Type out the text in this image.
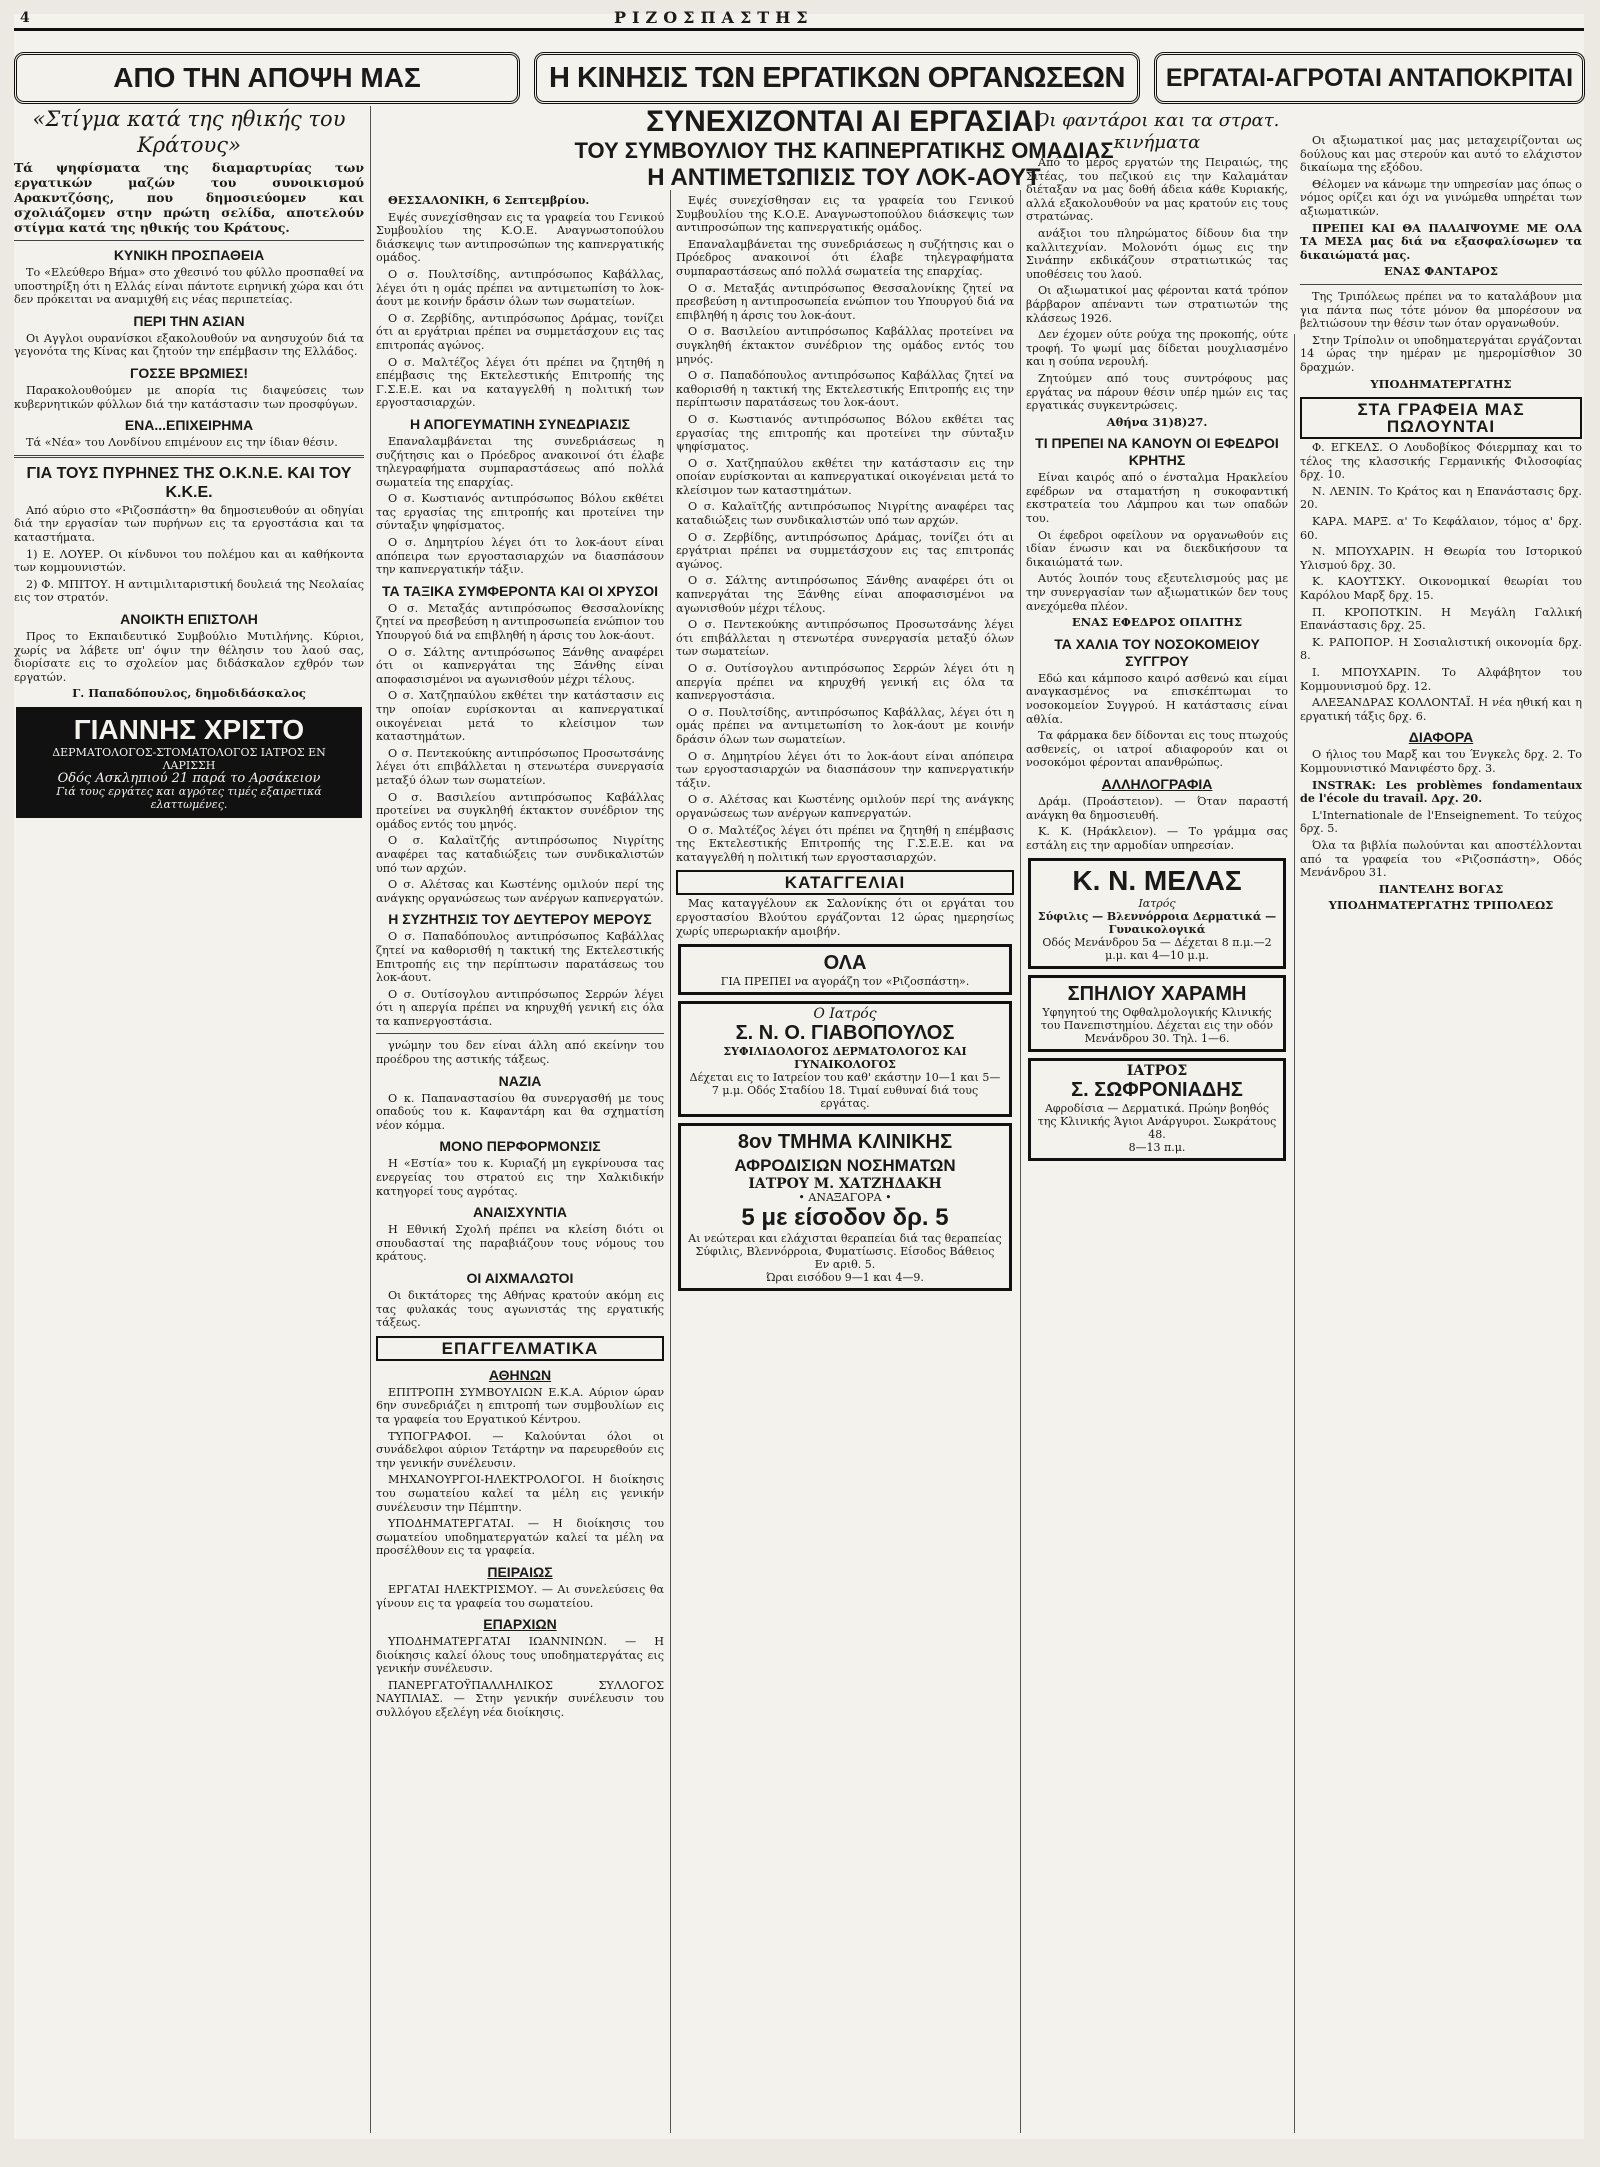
4	ΡΙΖΟΣΠΑΣΤΗΣ
ΑΠΟ ΤΗΝ ΑΠΟΨΗ ΜΑΣ	Η ΚΙΝΗΣΙΣ ΤΩΝ ΕΡΓΑΤΙΚΩΝ ΟΡΓΑΝΩΣΕΩΝ ΕΡΓΑΤΑΙ-ΑΓΡΟΤΑΙ ΑΝΤΑΠΟΚΡΙΤΑΙ
«Στίγμα κατά της ηθικής του Κράτους»
Τά ψηφίσματα της διαμαρτυρίας των εργατικών μαζών του συνοικισμού Αρακντζόσης, που δημοσιεύομεν και σχολιάζομεν στην πρώτη σελίδα, αποτελούν στίγμα κατά της ηθικής του Κράτους.
ΚΥΝΙΚΗ ΠΡΟΣΠΑΘΕΙΑ

Το «Ελεύθερο Βήμα» στο χθεσινό του φύλλο προσπαθεί να υποστηρίξη ότι η Ελλάς είναι πάντοτε ειρηνική χώρα και ότι δεν πρόκειται να αναμιχθή εις νέας περιπετείας.

ΠΕΡΙ ΤΗΝ ΑΣΙΑΝ

Οι Αγγλοι ουρανίσκοι εξακολουθούν να ανησυχούν διά τα γεγονότα της Κίνας και ζητούν την επέμβασιν της Ελλάδος.

ΓΟΣΣΕ ΒΡΩΜΙΕΣ!

Παρακολουθούμεν με απορία τις διαψεύσεις των κυβερνητικών φύλλων διά την κατάστασιν των προσφύγων.

ΕΝΑ...ΕΠΙΧΕΙΡΗΜΑ

Τά «Νέα» του Λονδίνου επιμένουν εις την ίδιαν θέσιν.

ΓΙΑ ΤΟΥΣ ΠΥΡΗΝΕΣ ΤΗΣ Ο.Κ.Ν.Ε. ΚΑΙ ΤΟΥ Κ.Κ.Ε.

Από αύριο στο «Ριζοσπάστη» θα δημοσιευθούν αι οδηγίαι διά την εργασίαν των πυρήνων εις τα εργοστάσια και τα καταστήματα.

1) Ε. ΛΟΥΕΡ. Οι κίνδυνοι του πολέμου και αι καθήκοντα των κομμουνιστών.

2) Φ. ΜΠΙΤΟΥ. Η αντιμιλιταριστική δουλειά της Νεολαίας εις τον στρατόν.

ΑΝΟΙΚΤΗ ΕΠΙΣΤΟΛΗ

Προς το Εκπαιδευτικό Συμβούλιο Μυτιλήνης. Κύριοι, χωρίς να λάβετε υπ' όψιν την θέλησιν του λαού σας, διορίσατε εις το σχολείον μας διδάσκαλον εχθρόν των εργατών.

Γ. Παπαδόπουλος, δημοδιδάσκαλος
ΓΙΑΝΝΗΣ ΧΡΙΣΤΟ
ΔΕΡΜΑΤΟΛΟΓΟΣ-ΣΤΟΜΑΤΟΛΟΓΟΣ ΙΑΤΡΟΣ ΕΝ ΛΑΡΙΣΣΗ
Οδός Ασκληπιού 21 παρά το Αρσάκειον
Γιά τους εργάτες και αγρότες τιμές εξαιρετικά ελαττωμένες.
ΣΥΝΕΧΙΖΟΝΤΑΙ ΑΙ ΕΡΓΑΣΙΑΙ
ΤΟΥ ΣΥΜΒΟΥΛΙΟΥ ΤΗΣ ΚΑΠΝΕΡΓΑΤΙΚΗΣ ΟΜΑΔΙΑΣ
Η ΑΝΤΙΜΕΤΩΠΙΣΙΣ ΤΟΥ ΛΟΚ-ΑΟΥΤ

ΘΕΣΣΑΛΟΝΙΚΗ, 6 Σεπτεμβρίου.

Εψές συνεχίσθησαν εις τα γραφεία του Γενικού Συμβουλίου της Κ.Ο.Ε. Αναγνωστοπούλου διάσκεψις των αντιπροσώπων της καπνεργατικής ομάδος.

Ο σ. Πουλτσίδης, αντιπρόσωπος Καβάλλας, λέγει ότι η ομάς πρέπει να αντιμετωπίση το λοκ-άουτ με κοινήν δράσιν όλων των σωματείων.

Ο σ. Ζερβίδης, αντιπρόσωπος Δράμας, τονίζει ότι αι εργάτριαι πρέπει να συμμετάσχουν εις τας επιτροπάς αγώνος.

Ο σ. Μαλτέζος λέγει ότι πρέπει να ζητηθή η επέμβασις της Εκτελεστικής Επιτροπής της Γ.Σ.Ε.Ε. και να καταγγελθή η πολιτική των εργοστασιαρχών.

Η ΑΠΟΓΕΥΜΑΤΙΝΗ ΣΥΝΕΔΡΙΑΣΙΣ

Επαναλαμβάνεται της συνεδριάσεως η συζήτησις και ο Πρόεδρος ανακοινοί ότι έλαβε τηλεγραφήματα συμπαραστάσεως από πολλά σωματεία της επαρχίας.

Ο σ. Κωστιανός αντιπρόσωπος Βόλου εκθέτει τας εργασίας της επιτροπής και προτείνει την σύνταξιν ψηφίσματος.

Ο σ. Δημητρίου λέγει ότι το λοκ-άουτ είναι απόπειρα των εργοστασιαρχών να διασπάσουν την καπνεργατικήν τάξιν.

ΤΑ ΤΑΞΙΚΑ ΣΥΜΦΕΡΟΝΤΑ ΚΑΙ ΟΙ ΧΡΥΣΟΙ

Ο σ. Μεταξάς αντιπρόσωπος Θεσσαλονίκης ζητεί να πρεσβεύση η αντιπροσωπεία ενώπιον του Υπουργού διά να επιβληθή η άρσις του λοκ-άουτ.

Ο σ. Σάλτης αντιπρόσωπος Ξάνθης αναφέρει ότι οι καπνεργάται της Ξάνθης είναι αποφασισμένοι να αγωνισθούν μέχρι τέλους.

Ο σ. Χατζηπαύλου εκθέτει την κατάστασιν εις την οποίαν ευρίσκονται αι καπνεργατικαί οικογένειαι μετά το κλείσιμον των καταστημάτων.

Ο σ. Πεντεκούκης αντιπρόσωπος Προσωτσάνης λέγει ότι επιβάλλεται η στενωτέρα συνεργασία μεταξύ όλων των σωματείων.

Ο σ. Βασιλείου αντιπρόσωπος Καβάλλας προτείνει να συγκληθή έκτακτον συνέδριον της ομάδος εντός του μηνός.

Ο σ. Καλαϊτζής αντιπρόσωπος Νιγρίτης αναφέρει τας καταδιώξεις των συνδικαλιστών υπό των αρχών.

Ο σ. Αλέτσας και Κωστένης ομιλούν περί της ανάγκης οργανώσεως των ανέργων καπνεργατών.

Η ΣΥΖΗΤΗΣΙΣ ΤΟΥ ΔΕΥΤΕΡΟΥ ΜΕΡΟΥΣ

Ο σ. Παπαδόπουλος αντιπρόσωπος Καβάλλας ζητεί να καθορισθή η τακτική της Εκτελεστικής Επιτροπής εις την περίπτωσιν παρατάσεως του λοκ-άουτ.

Ο σ. Ουτίσογλου αντιπρόσωπος Σερρών λέγει ότι η απεργία πρέπει να κηρυχθή γενική εις όλα τα καπνεργοστάσια.

γνώμην του δεν είναι άλλη από εκείνην του προέδρου της αστικής τάξεως.

ΝΑΖΙΑ

Ο κ. Παπαναστασίου θα συνεργασθή με τους οπαδούς του κ. Καφαντάρη και θα σχηματίση νέον κόμμα.

ΜΟΝΟ ΠΕΡΦΟΡΜΟΝΣΙΣ

Η «Εστία» του κ. Κυριαζή μη εγκρίνουσα τας ενεργείας του στρατού εις την Χαλκιδικήν κατηγορεί τους αγρότας.

ΑΝΑΙΣΧΥΝΤΙΑ

Η Εθνική Σχολή πρέπει να κλείση διότι οι σπουδασταί της παραβιάζουν τους νόμους του κράτους.

ΟΙ ΑΙΧΜΑΛΩΤΟΙ

Οι δικτάτορες της Αθήνας κρατούν ακόμη εις τας φυλακάς τους αγωνιστάς της εργατικής τάξεως.

ΕΠΑΓΓΕΛΜΑΤΙΚΑ
ΑΘΗΝΩΝ

ΕΠΙΤΡΟΠΗ ΣΥΜΒΟΥΛΙΩΝ Ε.Κ.Α. Αύριον ώραν 6ην συνεδριάζει η επιτροπή των συμβουλίων εις τα γραφεία του Εργατικού Κέντρου.

ΤΥΠΟΓΡΑΦΟΙ. — Καλούνται όλοι οι συνάδελφοι αύριον Τετάρτην να παρευρεθούν εις την γενικήν συνέλευσιν.

ΜΗΧΑΝΟΥΡΓΟΙ-ΗΛΕΚΤΡΟΛΟΓΟΙ. Η διοίκησις του σωματείου καλεί τα μέλη εις γενικήν συνέλευσιν την Πέμπτην.

ΥΠΟΔΗΜΑΤΕΡΓΑΤΑΙ. — Η διοίκησις του σωματείου υποδηματεργατών καλεί τα μέλη να προσέλθουν εις τα γραφεία.

ΠΕΙΡΑΙΩΣ

ΕΡΓΑΤΑΙ ΗΛΕΚΤΡΙΣΜΟΥ. — Αι συνελεύσεις θα γίνουν εις τα γραφεία του σωματείου.

ΕΠΑΡΧΙΩΝ

ΥΠΟΔΗΜΑΤΕΡΓΑΤΑΙ ΙΩΑΝΝΙΝΩΝ. — Η διοίκησις καλεί όλους τους υποδηματεργάτας εις γενικήν συνέλευσιν.

ΠΑΝΕΡΓΑΤΟΫΠΑΛΛΗΛΙΚΟΣ ΣΥΛΛΟΓΟΣ ΝΑΥΠΛΙΑΣ. — Στην γενικήν συνέλευσιν του συλλόγου εξελέγη νέα διοίκησις.

Εψές συνεχίσθησαν εις τα γραφεία του Γενικού Συμβουλίου της Κ.Ο.Ε. Αναγνωστοπούλου διάσκεψις των αντιπροσώπων της καπνεργατικής ομάδος.

Επαναλαμβάνεται της συνεδριάσεως η συζήτησις και ο Πρόεδρος ανακοινοί ότι έλαβε τηλεγραφήματα συμπαραστάσεως από πολλά σωματεία της επαρχίας.

Ο σ. Μεταξάς αντιπρόσωπος Θεσσαλονίκης ζητεί να πρεσβεύση η αντιπροσωπεία ενώπιον του Υπουργού διά να επιβληθή η άρσις του λοκ-άουτ.

Ο σ. Βασιλείου αντιπρόσωπος Καβάλλας προτείνει να συγκληθή έκτακτον συνέδριον της ομάδος εντός του μηνός.

Ο σ. Παπαδόπουλος αντιπρόσωπος Καβάλλας ζητεί να καθορισθή η τακτική της Εκτελεστικής Επιτροπής εις την περίπτωσιν παρατάσεως του λοκ-άουτ.

Ο σ. Κωστιανός αντιπρόσωπος Βόλου εκθέτει τας εργασίας της επιτροπής και προτείνει την σύνταξιν ψηφίσματος.

Ο σ. Χατζηπαύλου εκθέτει την κατάστασιν εις την οποίαν ευρίσκονται αι καπνεργατικαί οικογένειαι μετά το κλείσιμον των καταστημάτων.

Ο σ. Καλαϊτζής αντιπρόσωπος Νιγρίτης αναφέρει τας καταδιώξεις των συνδικαλιστών υπό των αρχών.

Ο σ. Ζερβίδης, αντιπρόσωπος Δράμας, τονίζει ότι αι εργάτριαι πρέπει να συμμετάσχουν εις τας επιτροπάς αγώνος.

Ο σ. Σάλτης αντιπρόσωπος Ξάνθης αναφέρει ότι οι καπνεργάται της Ξάνθης είναι αποφασισμένοι να αγωνισθούν μέχρι τέλους.

Ο σ. Πεντεκούκης αντιπρόσωπος Προσωτσάνης λέγει ότι επιβάλλεται η στενωτέρα συνεργασία μεταξύ όλων των σωματείων.

Ο σ. Ουτίσογλου αντιπρόσωπος Σερρών λέγει ότι η απεργία πρέπει να κηρυχθή γενική εις όλα τα καπνεργοστάσια.

Ο σ. Πουλτσίδης, αντιπρόσωπος Καβάλλας, λέγει ότι η ομάς πρέπει να αντιμετωπίση το λοκ-άουτ με κοινήν δράσιν όλων των σωματείων.

Ο σ. Δημητρίου λέγει ότι το λοκ-άουτ είναι απόπειρα των εργοστασιαρχών να διασπάσουν την καπνεργατικήν τάξιν.

Ο σ. Αλέτσας και Κωστένης ομιλούν περί της ανάγκης οργανώσεως των ανέργων καπνεργατών.

Ο σ. Μαλτέζος λέγει ότι πρέπει να ζητηθή η επέμβασις της Εκτελεστικής Επιτροπής της Γ.Σ.Ε.Ε. και να καταγγελθή η πολιτική των εργοστασιαρχών.

ΚΑΤΑΓΓΕΛΙΑΙ

Μας καταγγέλουν εκ Σαλονίκης ότι οι εργάται του εργοστασίου Βλούτου εργάζονται 12 ώρας ημερησίως χωρίς υπερωριακήν αμοιβήν.

ΟΛΑ
ΓΙΑ ΠΡΕΠΕΙ να αγοράζη τον «Ριζοσπάστη».
Ο Ιατρός
Σ. Ν. Ο. ΓΙΑΒΟΠΟΥΛΟΣ
ΣΥΦΙΛΙΔΟΛΟΓΟΣ ΔΕΡΜΑΤΟΛΟΓΟΣ ΚΑΙ ΓΥΝΑΙΚΟΛΟΓΟΣ
Δέχεται εις το Ιατρείον του καθ' εκάστην 10—1 και 5—7 μ.μ. Οδός Σταδίου 18. Τιμαί ευθυναί διά τους εργάτας.
8ον ΤΜΗΜΑ ΚΛΙΝΙΚΗΣ
ΑΦΡΟΔΙΣΙΩΝ ΝΟΣΗΜΑΤΩΝ
ΙΑΤΡΟΥ Μ. ΧΑΤΖΗΔΑΚΗ
• ΑΝΑΞΑΓΟΡΑ •
5 με είσοδον δρ. 5
Αι νεώτεραι και ελάχισται θεραπείαι διά τας θεραπείας Σύφιλις, Βλεννόρροια, Φυματίωσις. Είσοδος Βάθειος Εν αριθ. 5.
Ώραι εισόδου 9—1 και 4—9.
Οι φαντάροι και τα στρατ. κινήματα

Από το μέρος εργατών της Πειραιώς, της Σιτέας, του πεζικού εις την Καλαμάταν διέταξαν να μας δοθή άδεια κάθε Κυριακής, αλλά εξακολουθούν να μας κρατούν εις τους στρατώνας.

ανάξιοι του πληρώματος δίδουν δια την καλλιτεχνίαν. Μολονότι όμως εις την Σινάπην εκδικάζουν στρατιωτικώς τας υποθέσεις του λαού.

Οι αξιωματικοί μας φέρονται κατά τρόπον βάρβαρον απέναντι των στρατιωτών της κλάσεως 1926.

Δεν έχομεν ούτε ρούχα της προκοπής, ούτε τροφή. Το ψωμί μας δίδεται μουχλιασμένο και η σούπα νερουλή.

Ζητούμεν από τους συντρόφους μας εργάτας να πάρουν θέσιν υπέρ ημών εις τας εργατικάς συγκεντρώσεις.

Αθήνα 31)8)27.
ΤΙ ΠΡΕΠΕΙ ΝΑ ΚΑΝΟΥΝ ΟΙ ΕΦΕΔΡΟΙ ΚΡΗΤΗΣ

Είναι καιρός από ο ένσταλμα Ηρακλείου εφέδρων να σταματήση η συκοφαντική εκστρατεία του Λάμπρου και των οπαδών του.

Οι έφεδροι οφείλουν να οργανωθούν εις ιδίαν ένωσιν και να διεκδικήσουν τα δικαιώματά των.

Αυτός λοιπόν τους εξευτελισμούς μας με την συνεργασίαν των αξιωματικών δεν τους ανεχόμεθα πλέον.

ΕΝΑΣ ΕΦΕΔΡΟΣ ΟΠΛΙΤΗΣ
ΤΑ ΧΑΛΙΑ ΤΟΥ ΝΟΣΟΚΟΜΕΙΟΥ ΣΥΓΓΡΟΥ

Εδώ και κάμποσο καιρό ασθενώ και είμαι αναγκασμένος να επισκέπτωμαι το νοσοκομείον Συγγρού. Η κατάστασις είναι αθλία.

Τα φάρμακα δεν δίδονται εις τους πτωχούς ασθενείς, οι ιατροί αδιαφορούν και οι νοσοκόμοι φέρονται απανθρώπως.

ΑΛΛΗΛΟΓΡΑΦΙΑ

Δράμ. (Προάστειον). — Όταν παραστή ανάγκη θα δημοσιευθή.

Κ. Κ. (Ηράκλειον). — Το γράμμα σας εστάλη εις την αρμοδίαν υπηρεσίαν.

Κ. Ν. ΜΕΛΑΣ
Ιατρός
Σύφιλις — Βλεννόρροια Δερματικά — Γυναικολογικά
Οδός Μενάνδρου 5α — Δέχεται 8 π.μ.—2 μ.μ. και 4—10 μ.μ.
ΣΠΗΛΙΟΥ ΧΑΡΑΜΗ
Υφηγητού της Οφθαλμολογικής Κλινικής του Πανεπιστημίου. Δέχεται εις την οδόν Μενάνδρου 30. Τηλ. 1—6.
ΙΑΤΡΟΣ
Σ. ΣΩΦΡΟΝΙΑΔΗΣ
Αφροδίσια — Δερματικά. Πρώην βοηθός της Κλινικής Άγιοι Ανάργυροι. Σωκράτους 48.
8—13 π.μ.

Οι αξιωματικοί μας μας μεταχειρίζονται ως δούλους και μας στερούν και αυτό το ελάχιστον δικαίωμα της εξόδου.

Θέλομεν να κάνωμε την υπηρεσίαν μας όπως ο νόμος ορίζει και όχι να γινώμεθα υπηρέται των αξιωματικών.

ΠΡΕΠΕΙ ΚΑΙ ΘΑ ΠΑΛΑΙΨΟΥΜΕ ΜΕ ΟΛΑ ΤΑ ΜΕΣΑ μας διά να εξασφαλίσωμεν τα δικαιώματά μας.

ΕΝΑΣ ΦΑΝΤΑΡΟΣ

Της Τριπόλεως πρέπει να το καταλάβουν μια για πάντα πως τότε μόνον θα μπορέσουν να βελτιώσουν την θέσιν των όταν οργανωθούν.

Στην Τρίπολιν οι υποδηματεργάται εργάζονται 14 ώρας την ημέραν με ημερομίσθιον 30 δραχμών.

ΥΠΟΔΗΜΑΤΕΡΓΑΤΗΣ
ΣΤΑ ΓΡΑΦΕΙΑ ΜΑΣ ΠΩΛΟΥΝΤΑΙ

Φ. ΕΓΚΕΛΣ. Ο Λουδοβίκος Φόιερμπαχ και το τέλος της κλασσικής Γερμανικής Φιλοσοφίας δρχ. 10.

Ν. ΛΕΝΙΝ. Το Κράτος και η Επανάστασις δρχ. 20.

ΚΑΡΑ. ΜΑΡΞ. α' Το Κεφάλαιον, τόμος α' δρχ. 60.

Ν. ΜΠΟΥΧΑΡΙΝ. Η Θεωρία του Ιστορικού Υλισμού δρχ. 30.

Κ. ΚΑΟΥΤΣΚΥ. Οικονομικαί θεωρίαι του Καρόλου Μαρξ δρχ. 15.

Π. ΚΡΟΠΟΤΚΙΝ. Η Μεγάλη Γαλλική Επανάστασις δρχ. 25.

Κ. ΡΑΠΟΠΟΡ. Η Σοσιαλιστική οικονομία δρχ. 8.

Ι. ΜΠΟΥΧΑΡΙΝ. Το Αλφάβητον του Κομμουνισμού δρχ. 12.

ΑΛΕΞΑΝΔΡΑΣ ΚΟΛΛΟΝΤΑΪ. Η νέα ηθική και η εργατική τάξις δρχ. 6.

ΔΙΑΦΟΡΑ

Ο ήλιος του Μαρξ και του Ένγκελς δρχ. 2. Το Κομμουνιστικό Μανιφέστο δρχ. 3.

INSTRAK: Les problèmes fondamentaux de l'école du travail. Δρχ. 20.

L'Internationale de l'Enseignement. Το τεύχος δρχ. 5.

Όλα τα βιβλία πωλούνται και αποστέλλονται από τα γραφεία του «Ριζοσπάστη», Οδός Μενάνδρου 31.

ΠΑΝΤΕΛΗΣ ΒΟΓΑΣ
ΥΠΟΔΗΜΑΤΕΡΓΑΤΗΣ ΤΡΙΠΟΛΕΩΣ
